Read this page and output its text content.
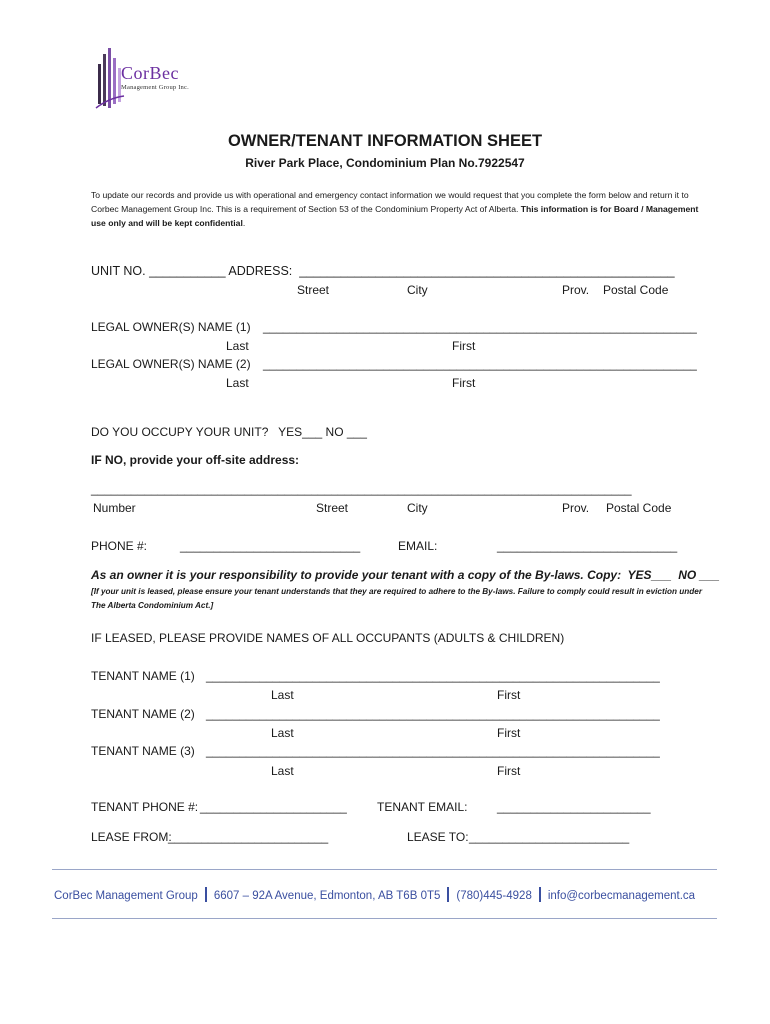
CorBec
Management Group Inc.
OWNER/TENANT INFORMATION SHEET
River Park Place, Condominium Plan No.7922547
To update our records and provide us with operational and emergency contact information we would request that you complete the form below and return it to Corbec Management Group Inc. This is a requirement of Section 53 of the Condominium Property Act of Alberta. This information is for Board / Management use only and will be kept confidential.
UNIT NO. ___________ ADDRESS:  ______________________________________________________
Street	City	Prov. Postal Code
LEGAL OWNER(S) NAME (1) _________________________________________________________________
Last	First
LEGAL OWNER(S) NAME (2) _________________________________________________________________
Last	First
DO YOU OCCUPY YOUR UNIT?   YES___ NO ___
IF NO, provide your off-site address:
_________________________________________________________________________________
Number	Street	City	Prov. Postal Code
PHONE #:	___________________________	EMAIL:	___________________________
As an owner it is your responsibility to provide your tenant with a copy of the By-laws. Copy:  YES___  NO ___
[If your unit is leased, please ensure your tenant understands that they are required to adhere to the By-laws. Failure to comply could result in eviction under The Alberta Condominium Act.]
IF LEASED, PLEASE PROVIDE NAMES OF ALL OCCUPANTS (ADULTS & CHILDREN)
TENANT NAME (1) ____________________________________________________________________
Last	First
TENANT NAME (2) ____________________________________________________________________
Last	First
TENANT NAME (3) ____________________________________________________________________
Last	First
TENANT PHONE #: ______________________	TENANT EMAIL: _______________________
LEASE FROM:
________________________	LEASE TO: ________________________
CorBec Management Group 6607 – 92A Avenue, Edmonton, AB T6B 0T5 (780)445-4928 info@corbecmanagement.ca
